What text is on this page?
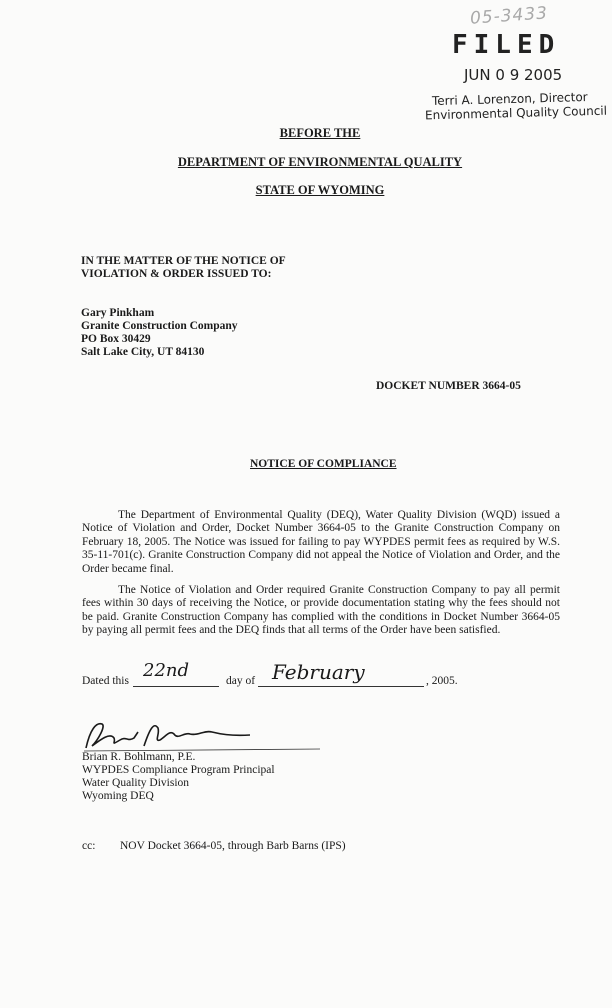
05-3433
FILED
JUN 0 9 2005
Terri A. Lorenzon, Director
Environmental Quality Council
BEFORE THE
DEPARTMENT OF ENVIRONMENTAL QUALITY
STATE OF WYOMING
IN THE MATTER OF THE NOTICE OF
VIOLATION & ORDER ISSUED TO:
Gary Pinkham
Granite Construction Company
PO Box 30429
Salt Lake City, UT 84130
DOCKET NUMBER 3664-05
NOTICE OF COMPLIANCE
The Department of Environmental Quality (DEQ), Water Quality Division (WQD) issued a Notice of Violation and Order, Docket Number 3664-05 to the Granite Construction Company on February 18, 2005. The Notice was issued for failing to pay WYPDES permit fees as required by W.S. 35-11-701(c). Granite Construction Company did not appeal the Notice of Violation and Order, and the Order became final.
The Notice of Violation and Order required Granite Construction Company to pay all permit fees within 30 days of receiving the Notice, or provide documentation stating why the fees should not be paid. Granite Construction Company has complied with the conditions in Docket Number 3664-05 by paying all permit fees and the DEQ finds that all terms of the Order have been satisfied.
Dated this 22nd	day of February	, 2005.
Brian R. Bohlmann, P.E.
WYPDES Compliance Program Principal
Water Quality Division
Wyoming DEQ
cc: NOV Docket 3664-05, through Barb Barns (IPS)
